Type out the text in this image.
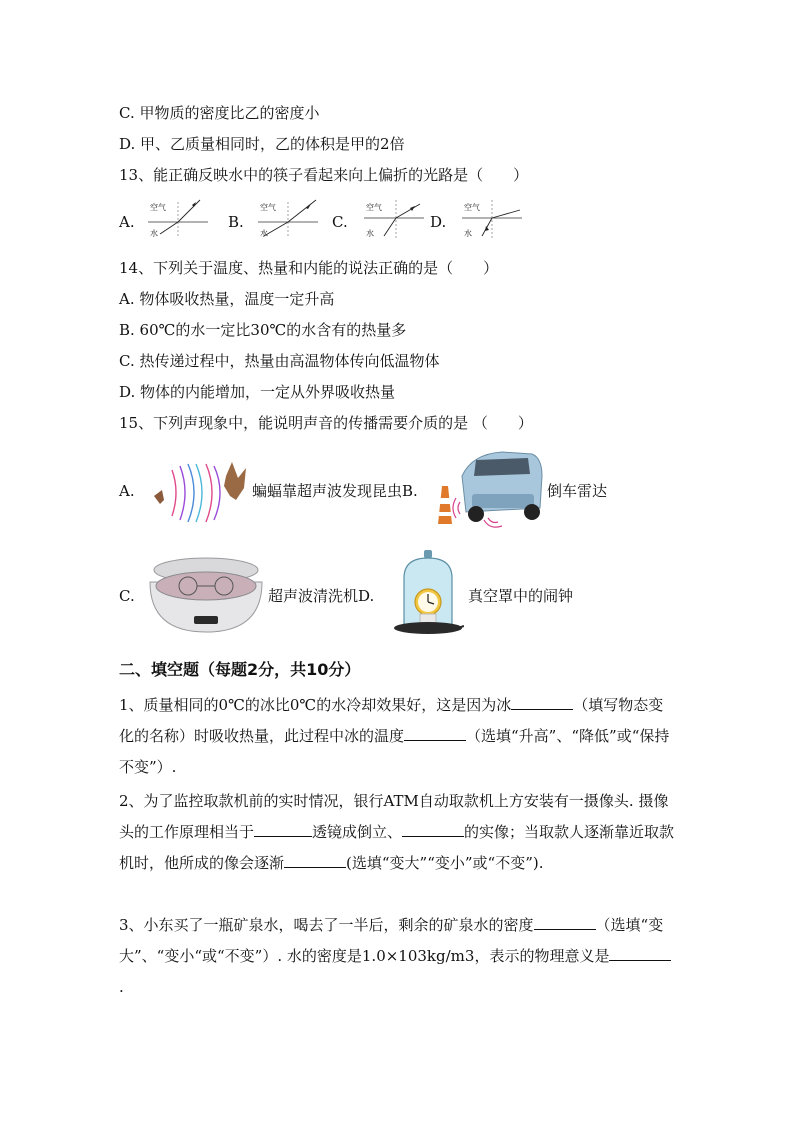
C. 甲物质的密度比乙的密度小
D. 甲、乙质量相同时，乙的体积是甲的2倍
13、能正确反映水中的筷子看起来向上偏折的光路是（　　）
A.
空气
水
B.
空气
水
C.
空气
水
D.
空气
水
14、下列关于温度、热量和内能的说法正确的是（　　）
A. 物体吸收热量，温度一定升高
B. 60℃的水一定比30℃的水含有的热量多
C. 热传递过程中，热量由高温物体传向低温物体
D. 物体的内能增加，一定从外界吸收热量
15、下列声现象中，能说明声音的传播需要介质的是 （　　）
A.	蝙蝠靠超声波发现昆虫B.	倒车雷达
C.	超声波清洗机D.	真空罩中的闹钟
二、填空题（每题2分，共10分）
1、质量相同的0℃的冰比0℃的水冷却效果好，这是因为冰	（填写物态变化的名称）时吸收热量，此过程中冰的温度	（选填“升高”、“降低”或“保持不变”）.
2、为了监控取款机前的实时情况，银行ATM自动取款机上方安装有一摄像头. 摄像头的工作原理相当于	透镜成倒立、	的实像；当取款人逐渐靠近取款机时，他所成的像会逐渐	(选填“变大”“变小”或“不变”).
3、小东买了一瓶矿泉水，喝去了一半后，剩余的矿泉水的密度	（选填“变大”、“变小“或“不变”）. 水的密度是1.0×103kg/m3，表示的物理意义是.
